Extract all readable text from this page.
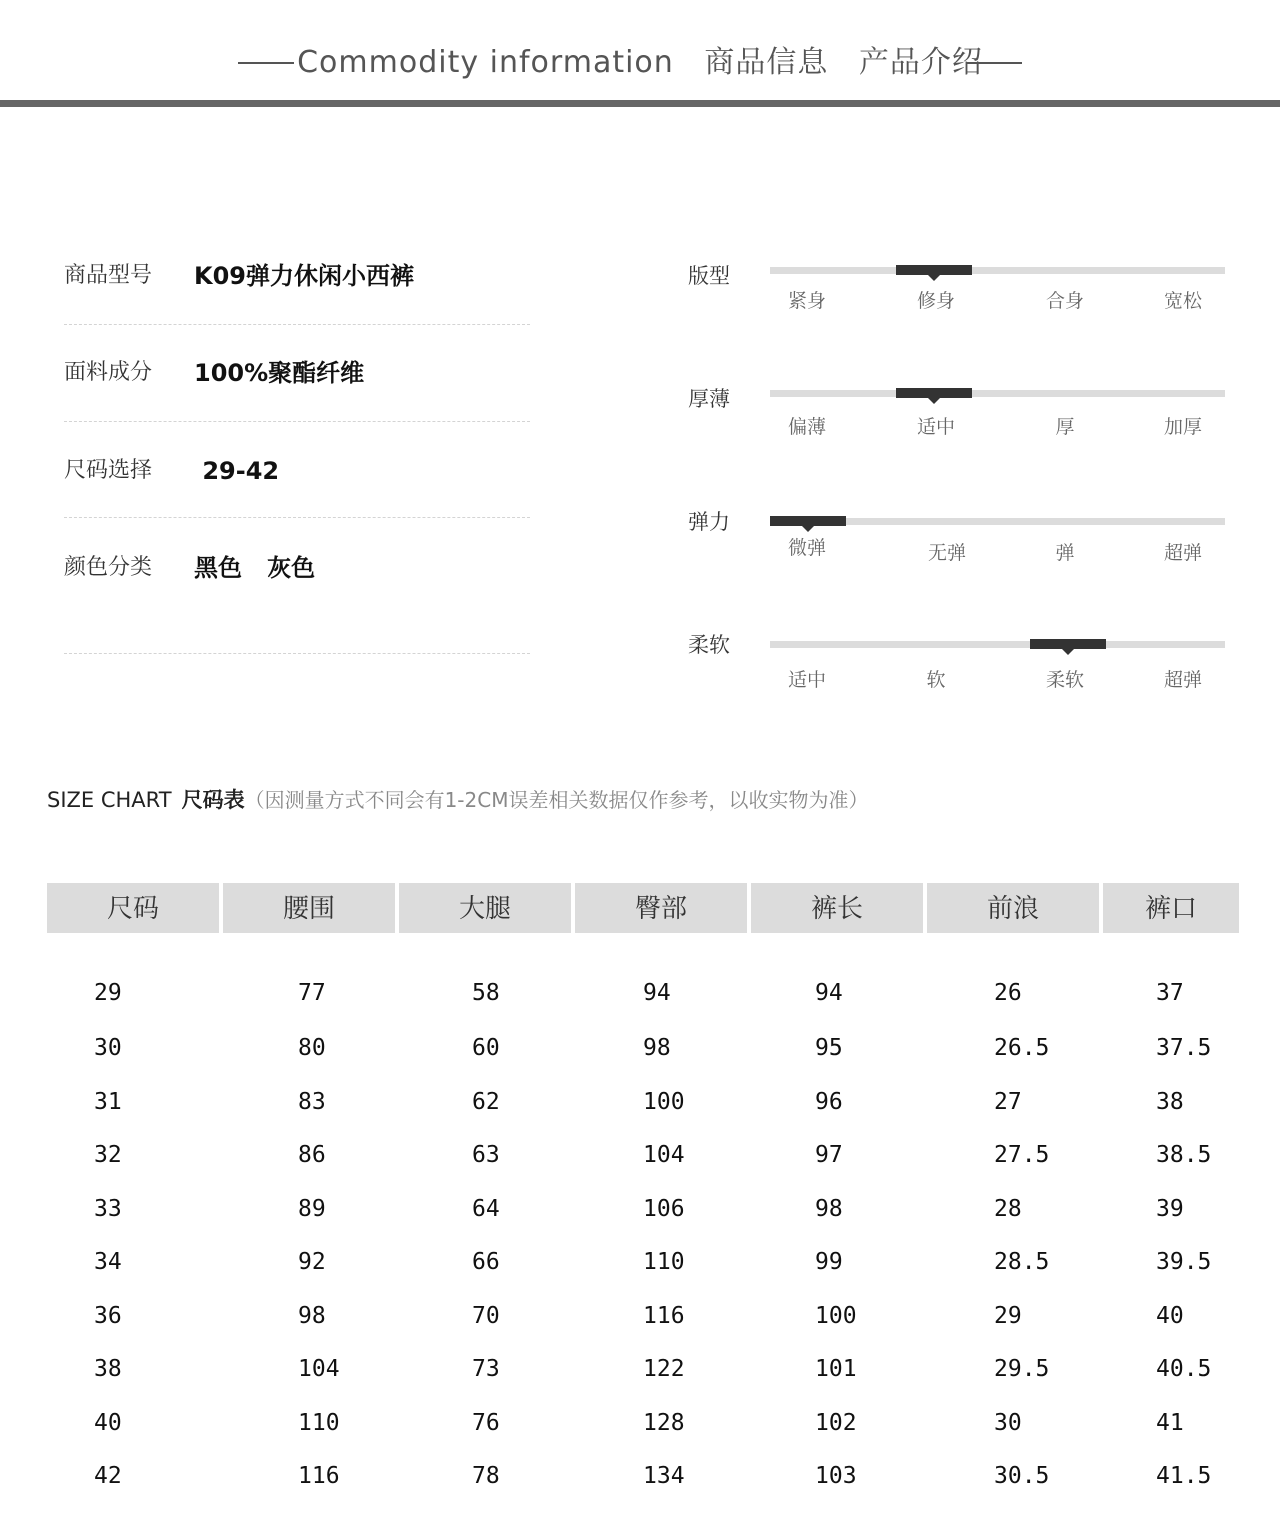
Commodity information 商品信息 产品介绍
商品型号 K09弹力休闲小西裤
面料成分 100%聚酯纤维
尺码选择 29-42
颜色分类 黑色   灰色
版型
紧身	修身	合身	宽松
厚薄
偏薄	适中	厚	加厚
弹力
微弹	无弹	弹	超弹
柔软
适中	软	柔软	超弹
SIZE CHART 尺码表（因测量方式不同会有1-2CM误差相关数据仅作参考，以收实物为准）
尺码	腰围	大腿	臀部	裤长	前浪	裤口
29	77	58	94	94	26	37
30	80	60	98	95	26.5	37.5
31	83	62	100	96	27	38
32	86	63	104	97	27.5	38.5
33	89	64	106	98	28	39
34	92	66	110	99	28.5	39.5
36	98	70	116	100	29	40
38	104	73	122	101	29.5	40.5
40	110	76	128	102	30	41
42	116	78	134	103	30.5	41.5
